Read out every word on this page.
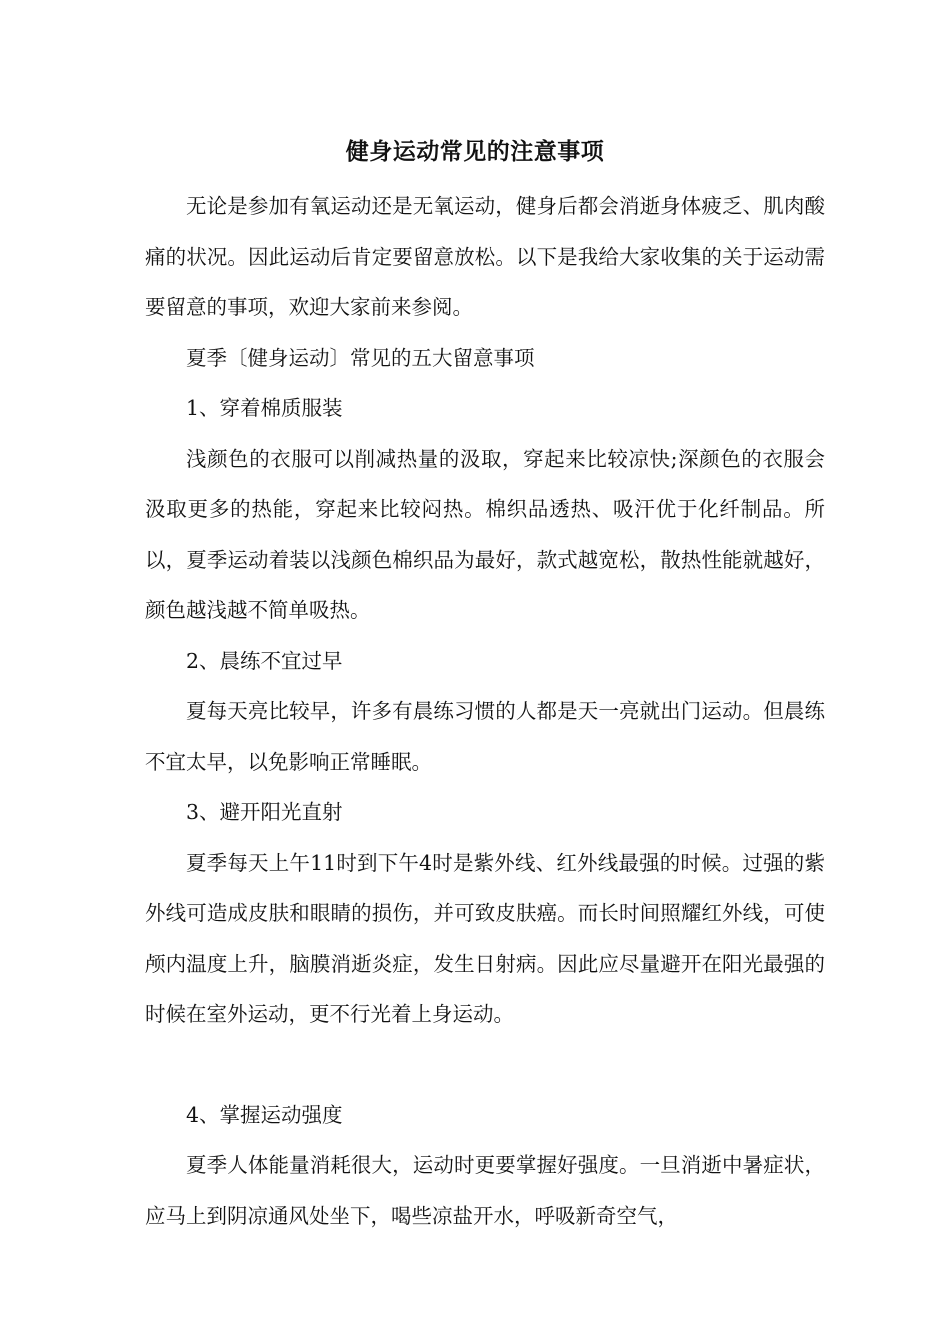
健身运动常见的注意事项

无论是参加有氧运动还是无氧运动，健身后都会消逝身体疲乏、肌肉酸痛的状况。因此运动后肯定要留意放松。以下是我给大家收集的关于运动需要留意的事项，欢迎大家前来参阅。

夏季〔健身运动〕常见的五大留意事项

1、穿着棉质服装

浅颜色的衣服可以削减热量的汲取，穿起来比较凉快;深颜色的衣服会汲取更多的热能，穿起来比较闷热。棉织品透热、吸汗优于化纤制品。所以，夏季运动着装以浅颜色棉织品为最好，款式越宽松，散热性能就越好，颜色越浅越不简单吸热。

2、晨练不宜过早

夏每天亮比较早，许多有晨练习惯的人都是天一亮就出门运动。但晨练不宜太早，以免影响正常睡眠。

3、避开阳光直射

夏季每天上午11时到下午4时是紫外线、红外线最强的时候。过强的紫外线可造成皮肤和眼睛的损伤，并可致皮肤癌。而长时间照耀红外线，可使颅内温度上升，脑膜消逝炎症，发生日射病。因此应尽量避开在阳光最强的时候在室外运动，更不行光着上身运动。

4、掌握运动强度

夏季人体能量消耗很大，运动时更要掌握好强度。一旦消逝中暑症状，应马上到阴凉通风处坐下，喝些凉盐开水，呼吸新奇空气，
